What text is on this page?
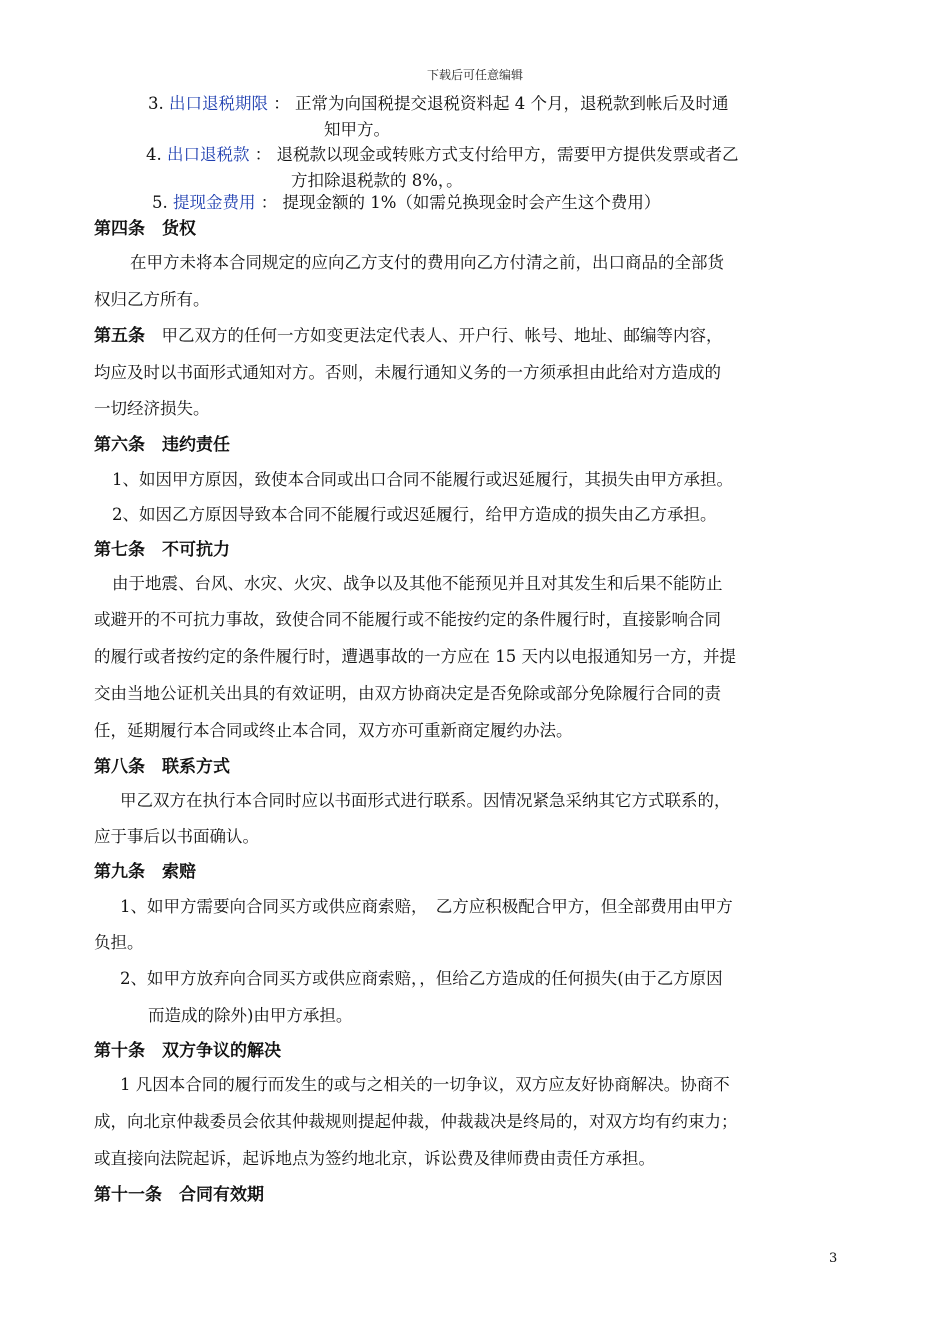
下载后可任意编辑
3. 出口退税期限 ： 正常为向国税提交退税资料起 4 个月，退税款到帐后及时通
知甲方。
4. 出口退税款 ： 退税款以现金或转账方式支付给甲方，需要甲方提供发票或者乙
方扣除退税款的 8%，。
5. 提现金费用 ： 提现金额的 1%（如需兑换现金时会产生这个费用）
第四条　货权
在甲方未将本合同规定的应向乙方支付的费用向乙方付清之前，出口商品的全部货
权归乙方所有。
第五条　 甲乙双方的任何一方如变更法定代表人、开户行、帐号、地址、邮编等内容，
均应及时以书面形式通知对方。否则，未履行通知义务的一方须承担由此给对方造成的
一切经济损失。
第六条　违约责任
1、如因甲方原因，致使本合同或出口合同不能履行或迟延履行，其损失由甲方承担。
2、如因乙方原因导致本合同不能履行或迟延履行，给甲方造成的损失由乙方承担。
第七条　不可抗力
由于地震、台风、水灾、火灾、战争以及其他不能预见并且对其发生和后果不能防止
或避开的不可抗力事故，致使合同不能履行或不能按约定的条件履行时，直接影响合同
的履行或者按约定的条件履行时，遭遇事故的一方应在 15 天内以电报通知另一方，并提
交由当地公证机关出具的有效证明，由双方协商决定是否免除或部分免除履行合同的责
任，延期履行本合同或终止本合同，双方亦可重新商定履约办法。
第八条　联系方式
甲乙双方在执行本合同时应以书面形式进行联系。因情况紧急采纳其它方式联系的，
应于事后以书面确认。
第九条　索赔
1、如甲方需要向合同买方或供应商索赔，　乙方应积极配合甲方，但全部费用由甲方
负担。
2、如甲方放弃向合同买方或供应商索赔，，但给乙方造成的任何损失(由于乙方原因
而造成的除外)由甲方承担。
第十条　双方争议的解决
1 凡因本合同的履行而发生的或与之相关的一切争议，双方应友好协商解决。协商不
成，向北京仲裁委员会依其仲裁规则提起仲裁，仲裁裁决是终局的，对双方均有约束力；
或直接向法院起诉，起诉地点为签约地北京，诉讼费及律师费由责任方承担。
第十一条　合同有效期
3
